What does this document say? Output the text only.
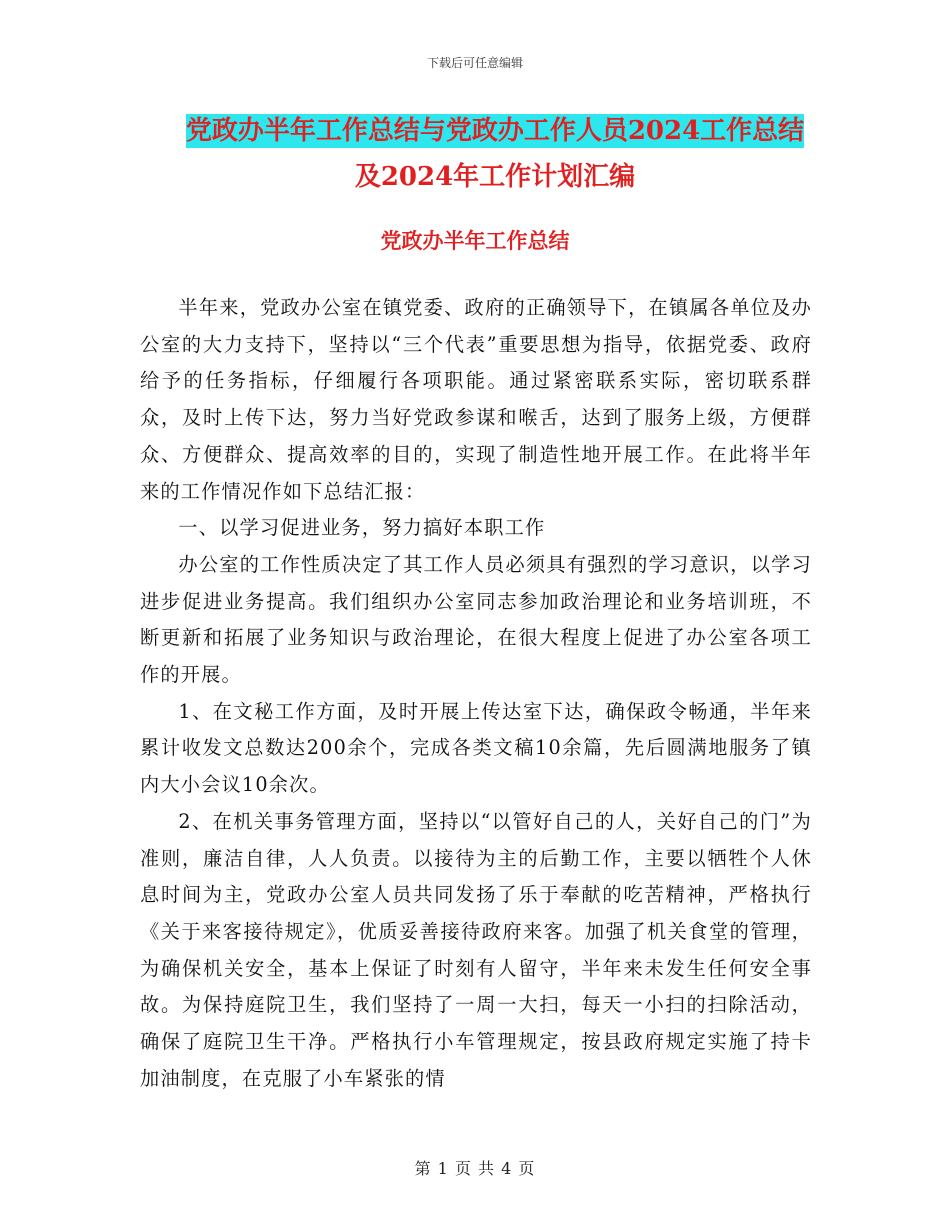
下载后可任意编辑
党政办半年工作总结与党政办工作人员2024工作总结
及2024年工作计划汇编
党政办半年工作总结

半年来，党政办公室在镇党委、政府的正确领导下，在镇属各单位及办公室的大力支持下，坚持以“三个代表”重要思想为指导，依据党委、政府给予的任务指标，仔细履行各项职能。通过紧密联系实际，密切联系群众，及时上传下达，努力当好党政参谋和喉舌，达到了服务上级，方便群众、方便群众、提高效率的目的，实现了制造性地开展工作。在此将半年来的工作情况作如下总结汇报：

一、以学习促进业务，努力搞好本职工作

办公室的工作性质决定了其工作人员必须具有强烈的学习意识，以学习进步促进业务提高。我们组织办公室同志参加政治理论和业务培训班，不断更新和拓展了业务知识与政治理论，在很大程度上促进了办公室各项工作的开展。

1、在文秘工作方面，及时开展上传达室下达，确保政令畅通，半年来累计收发文总数达200余个，完成各类文稿10余篇，先后圆满地服务了镇内大小会议10余次。

2、在机关事务管理方面，坚持以“以管好自己的人，关好自己的门”为准则，廉洁自律，人人负责。以接待为主的后勤工作，主要以牺牲个人休息时间为主，党政办公室人员共同发扬了乐于奉献的吃苦精神，严格执行《关于来客接待规定》，优质妥善接待政府来客。加强了机关食堂的管理，为确保机关安全，基本上保证了时刻有人留守，半年来未发生任何安全事故。为保持庭院卫生，我们坚持了一周一大扫，每天一小扫的扫除活动，确保了庭院卫生干净。严格执行小车管理规定，按县政府规定实施了持卡加油制度，在克服了小车紧张的情

第 1 页 共 4 页
